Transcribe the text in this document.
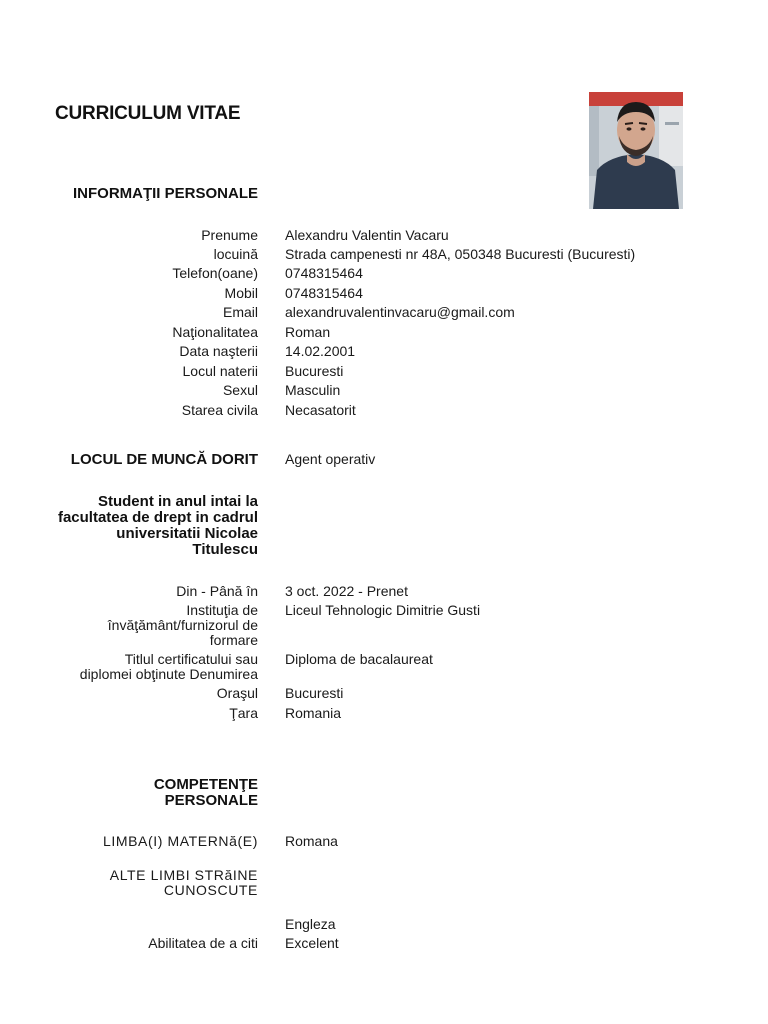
CURRICULUM VITAE
INFORMAŢII PERSONALE
Prenume Alexandru Valentin Vacaru
locuină Strada campenesti nr 48A, 050348 Bucuresti (Bucuresti)
Telefon(oane) 0748315464
Mobil 0748315464
Email alexandruvalentinvacaru@gmail.com
Naţionalitatea Roman
Data naşterii 14.02.2001
Locul naterii Bucuresti
Sexul Masculin
Starea civila Necasatorit
LOCUL DE MUNCĂ DORIT Agent operativ
Student in anul intai la
facultatea de drept in cadrul
universitatii Nicolae
Titulescu
Din - Până în 3 oct. 2022 - Prenet
Instituţia de
învăţământ/furnizorul de
formare
Liceul Tehnologic Dimitrie Gusti
Titlul certificatului sau
diplomei obţinute Denumirea
Diploma de bacalaureat
Oraşul Bucuresti
Ţara Romania
COMPETENŢE
PERSONALE
LIMBA(I) MATERNă(E) Romana
ALTE LIMBI STRăINE
CUNOSCUTE
Engleza
Abilitatea de a citi Excelent
